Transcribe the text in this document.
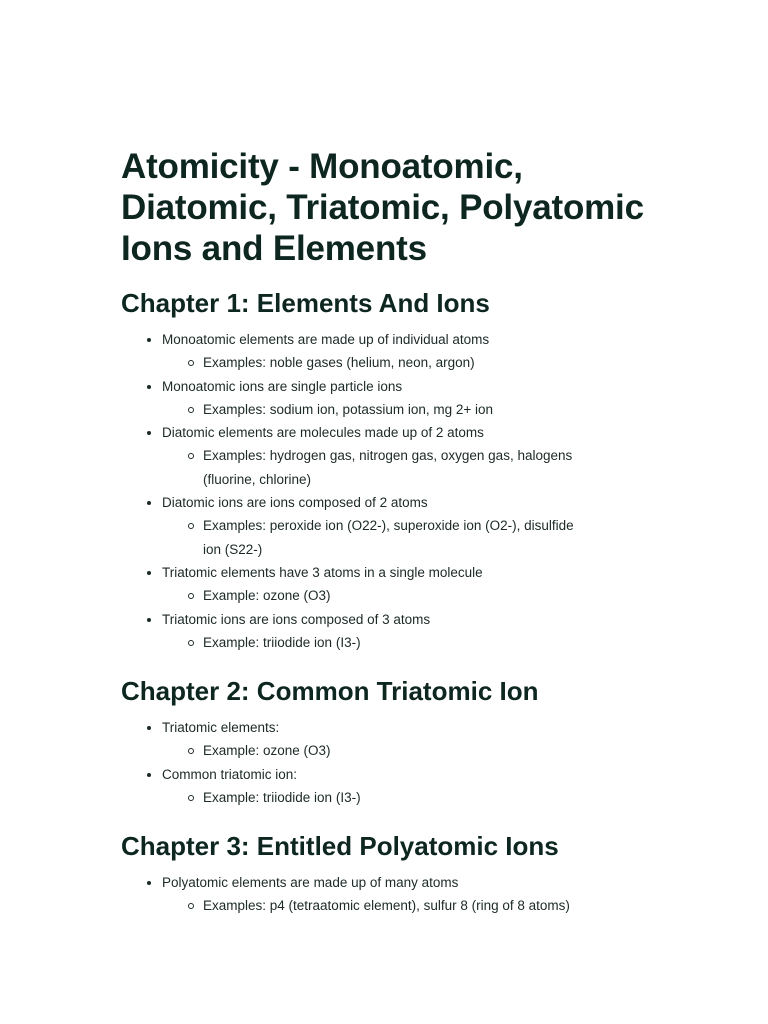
Atomicity - Monoatomic, Diatomic, Triatomic, Polyatomic Ions and Elements
Chapter 1: Elements And Ions
Monoatomic elements are made up of individual atoms
Examples: noble gases (helium, neon, argon)
Monoatomic ions are single particle ions
Examples: sodium ion, potassium ion, mg 2+ ion
Diatomic elements are molecules made up of 2 atoms
Examples: hydrogen gas, nitrogen gas, oxygen gas, halogens (fluorine, chlorine)
Diatomic ions are ions composed of 2 atoms
Examples: peroxide ion (O22-), superoxide ion (O2-), disulfide ion (S22-)
Triatomic elements have 3 atoms in a single molecule
Example: ozone (O3)
Triatomic ions are ions composed of 3 atoms
Example: triiodide ion (I3-)
Chapter 2: Common Triatomic Ion
Triatomic elements:
Example: ozone (O3)
Common triatomic ion:
Example: triiodide ion (I3-)
Chapter 3: Entitled Polyatomic Ions
Polyatomic elements are made up of many atoms
Examples: p4 (tetraatomic element), sulfur 8 (ring of 8 atoms)
